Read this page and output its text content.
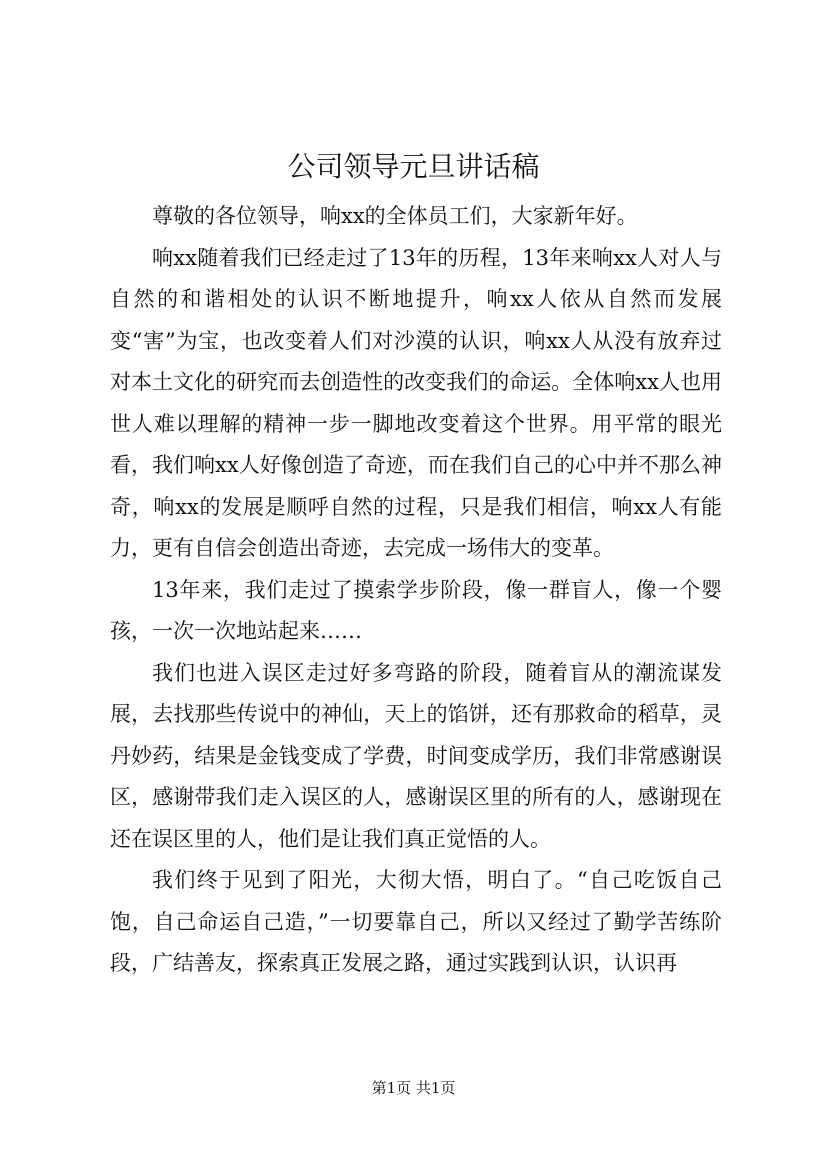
公司领导元旦讲话稿

尊敬的各位领导，响xx的全体员工们，大家新年好。

响xx随着我们已经走过了13年的历程，13年来响xx人对人与自然的和谐相处的认识不断地提升，响xx人依从自然而发展变“害”为宝，也改变着人们对沙漠的认识，响xx人从没有放弃过对本土文化的研究而去创造性的改变我们的命运。全体响xx人也用世人难以理解的精神一步一脚地改变着这个世界。用平常的眼光看，我们响xx人好像创造了奇迹，而在我们自己的心中并不那么神奇，响xx的发展是顺呼自然的过程，只是我们相信，响xx人有能力，更有自信会创造出奇迹，去完成一场伟大的变革。

13年来，我们走过了摸索学步阶段，像一群盲人，像一个婴孩，一次一次地站起来……

我们也进入误区走过好多弯路的阶段，随着盲从的潮流谋发展，去找那些传说中的神仙，天上的馅饼，还有那救命的稻草，灵丹妙药，结果是金钱变成了学费，时间变成学历，我们非常感谢误区，感谢带我们走入误区的人，感谢误区里的所有的人，感谢现在还在误区里的人，他们是让我们真正觉悟的人。

我们终于见到了阳光，大彻大悟，明白了。“自己吃饭自己饱，自己命运自己造，”一切要靠自己，所以又经过了勤学苦练阶段，广结善友，探索真正发展之路，通过实践到认识，认识再

第1页 共1页
